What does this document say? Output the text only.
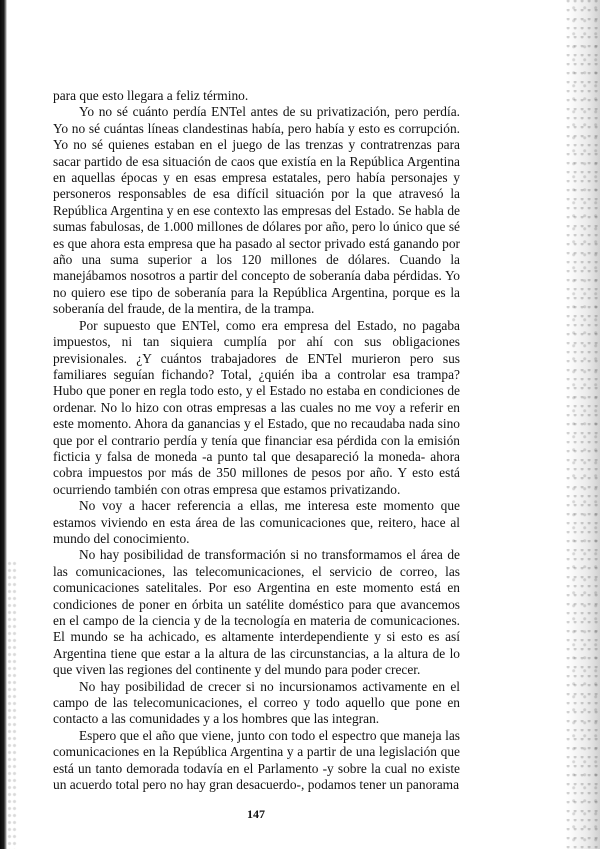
para que esto llegara a feliz término.

Yo no sé cuánto perdía ENTel antes de su privatización, pero perdía. Yo no sé cuántas líneas clandestinas había, pero había y esto es corrupción. Yo no sé quienes estaban en el juego de las trenzas y contratrenzas para sacar partido de esa situación de caos que existía en la República Argentina en aquellas épocas y en esas empresa estatales, pero había personajes y personeros responsables de esa difícil situación por la que atravesó la República Argentina y en ese contexto las empresas del Estado. Se habla de sumas fabulosas, de 1.000 millones de dólares por año, pero lo único que sé es que ahora esta empresa que ha pasado al sector privado está ganando por año una suma superior a los 120 millones de dólares. Cuando la manejábamos nosotros a partir del concepto de soberanía daba pérdidas. Yo no quiero ese tipo de soberanía para la República Argentina, porque es la soberanía del fraude, de la mentira, de la trampa.

Por supuesto que ENTel, como era empresa del Estado, no pagaba impuestos, ni tan siquiera cumplía por ahí con sus obligaciones previsionales. ¿Y cuántos trabajadores de ENTel murieron pero sus familiares seguían fichando? Total, ¿quién iba a controlar esa trampa? Hubo que poner en regla todo esto, y el Estado no estaba en condiciones de ordenar. No lo hizo con otras empresas a las cuales no me voy a referir en este momento. Ahora da ganancias y el Estado, que no recaudaba nada sino que por el contrario perdía y tenía que financiar esa pérdida con la emisión ficticia y falsa de moneda -a punto tal que desapareció la moneda- ahora cobra impuestos por más de 350 millones de pesos por año. Y esto está ocurriendo también con otras empresa que estamos privatizando.

No voy a hacer referencia a ellas, me interesa este momento que estamos viviendo en esta área de las comunicaciones que, reitero, hace al mundo del conocimiento.

No hay posibilidad de transformación si no transformamos el área de las comunicaciones, las telecomunicaciones, el servicio de correo, las comunicaciones satelitales. Por eso Argentina en este momento está en condiciones de poner en órbita un satélite doméstico para que avancemos en el campo de la ciencia y de la tecnología en materia de comunicaciones. El mundo se ha achicado, es altamente interdependiente y si esto es así Argentina tiene que estar a la altura de las circunstancias, a la altura de lo que viven las regiones del continente y del mundo para poder crecer.

No hay posibilidad de crecer si no incursionamos activamente en el campo de las telecomunicaciones, el correo y todo aquello que pone en contacto a las comunidades y a los hombres que las integran.

Espero que el año que viene, junto con todo el espectro que maneja las comunicaciones en la República Argentina y a partir de una legislación que está un tanto demorada todavía en el Parlamento -y sobre la cual no existe un acuerdo total pero no hay gran desacuerdo-, podamos tener un panorama

147
